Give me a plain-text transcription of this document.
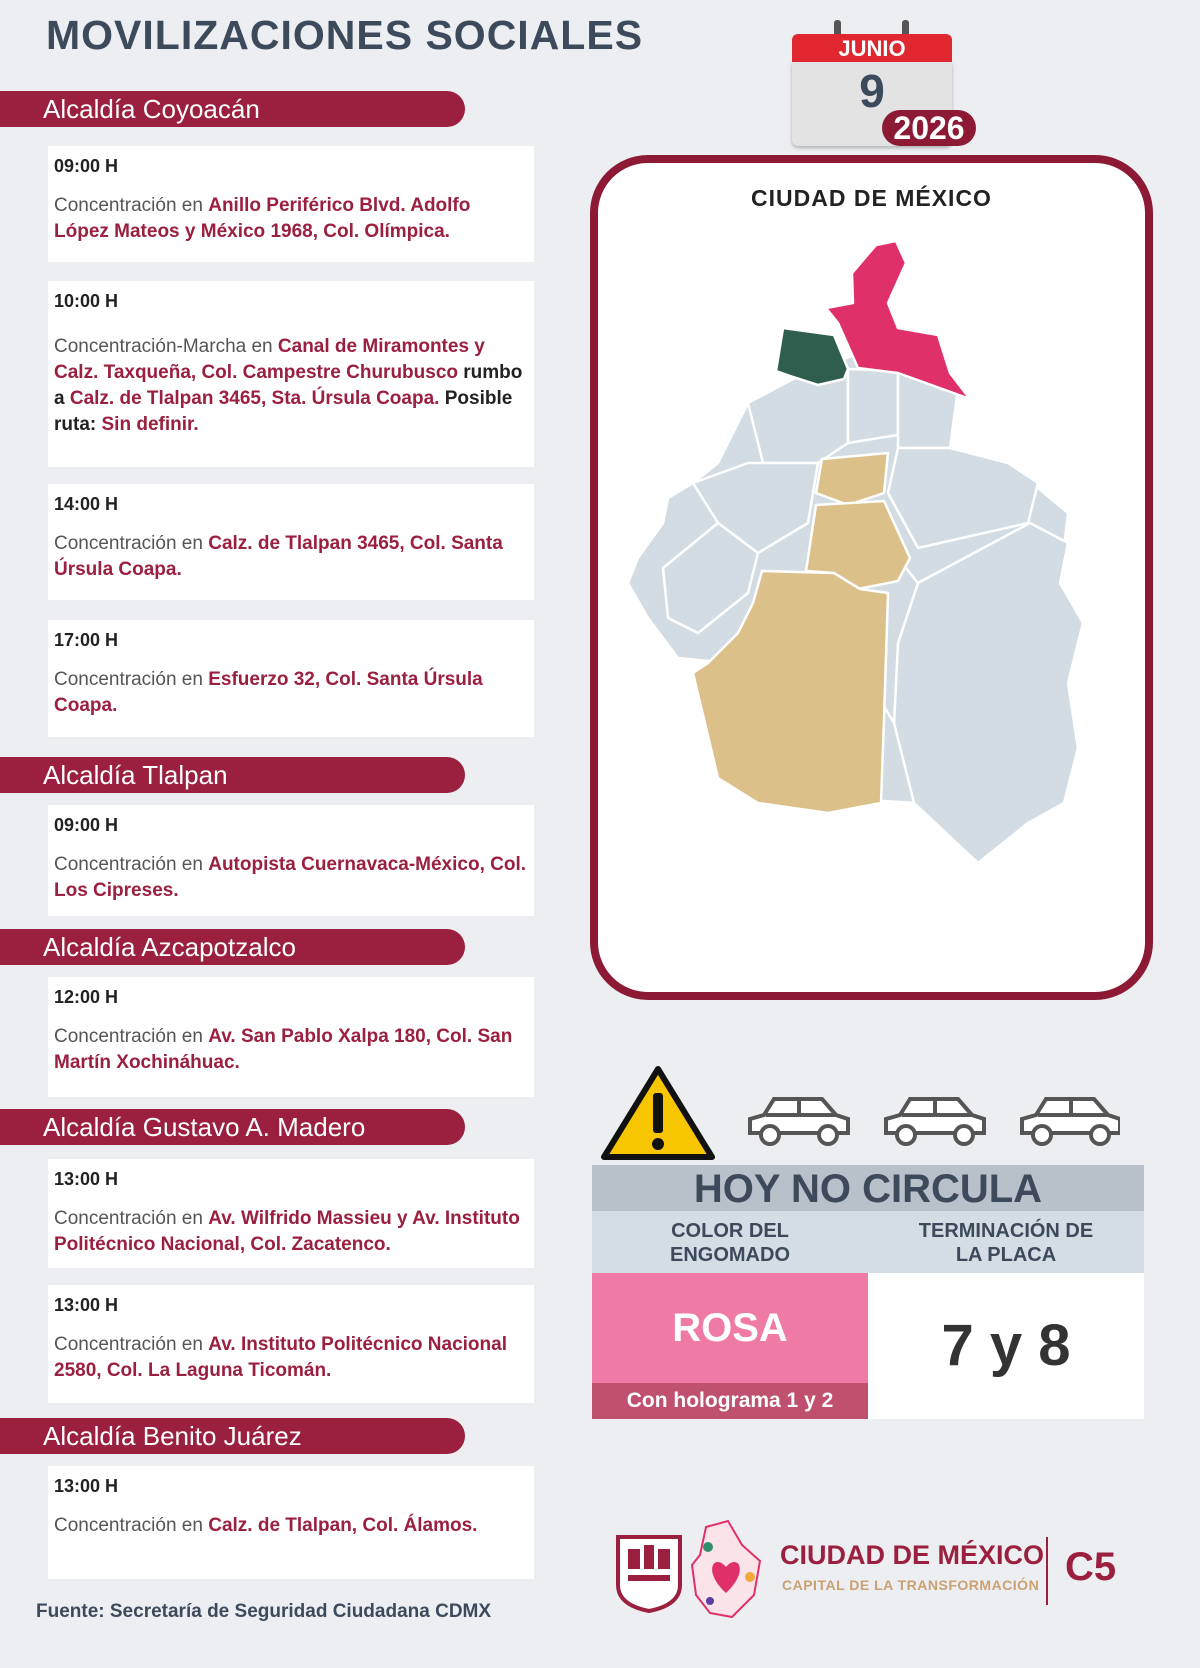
MOVILIZACIONES SOCIALES	JUNIO
9
2026
Alcaldía Coyoacán
09:00 H
Concentración en Anillo Periférico Blvd. Adolfo López Mateos y México 1968, Col. Olímpica.
10:00 H
Concentración-Marcha en Canal de Miramontes y Calz. Taxqueña, Col. Campestre Churubusco rumbo a Calz. de Tlalpan 3465, Sta. Úrsula Coapa. Posible ruta: Sin definir.
14:00 H
Concentración en Calz. de Tlalpan 3465, Col. Santa Úrsula Coapa.
17:00 H
Concentración en Esfuerzo 32, Col. Santa Úrsula Coapa.
Alcaldía Tlalpan
09:00 H
Concentración en Autopista Cuernavaca-México, Col. Los Cipreses.
Alcaldía Azcapotzalco
12:00 H
Concentración en Av. San Pablo Xalpa 180, Col. San Martín Xochináhuac.
Alcaldía Gustavo A. Madero
13:00 H
Concentración en Av. Wilfrido Massieu y Av. Instituto Politécnico Nacional, Col. Zacatenco.
13:00 H
Concentración en Av. Instituto Politécnico Nacional 2580, Col. La Laguna Ticomán.
Alcaldía Benito Juárez
13:00 H
Concentración en Calz. de Tlalpan, Col. Álamos.
Fuente: Secretaría de Seguridad Ciudadana CDMX
CIUDAD DE MÉXICO
HOY NO CIRCULA
COLOR DEL ENGOMADO
TERMINACIÓN DE LA PLACA
ROSA
Con holograma 1 y 2
7 y 8
CIUDAD DE MÉXICO
CAPITAL DE LA TRANSFORMACIÓN C5
